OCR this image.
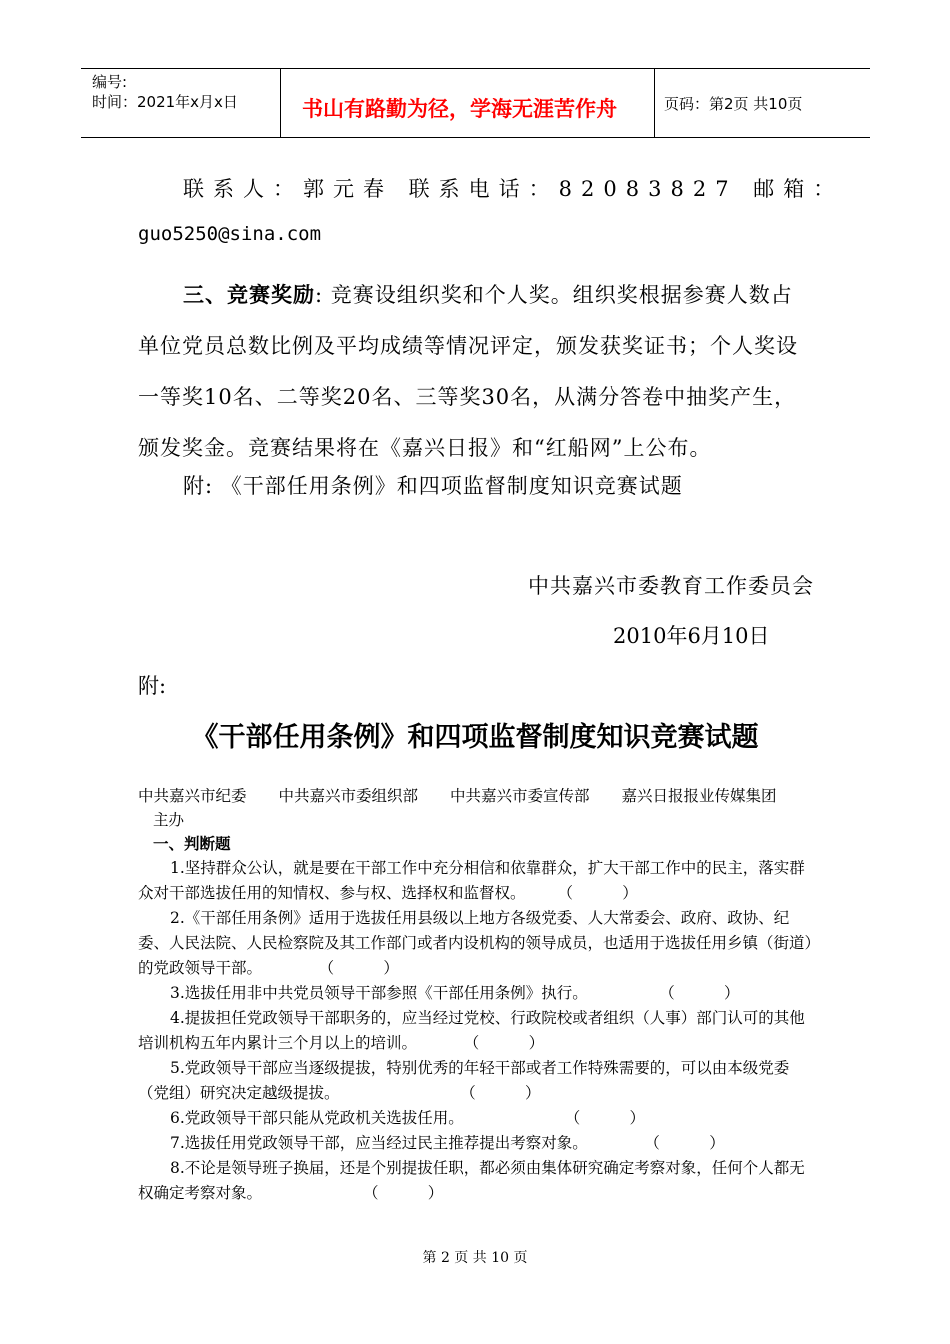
编号:
时间：2021年x月x日	书山有路勤为径，学海无涯苦作舟	页码：第2页 共10页
联系人：郭元春 联系电话：82083827 邮箱：
guo5250@sina.com
三、竞赛奖励: 竞赛设组织奖和个人奖。组织奖根据参赛人数占单位党员总数比例及平均成绩等情况评定，颁发获奖证书；个人奖设一等奖10名、二等奖20名、三等奖30名，从满分答卷中抽奖产生，颁发奖金。竞赛结果将在《嘉兴日报》和“红船网”上公布。
附: 《干部任用条例》和四项监督制度知识竞赛试题
中共嘉兴市委教育工作委员会
2010年6月10日
附:
《干部任用条例》和四项监督制度知识竞赛试题
中共嘉兴市纪委 中共嘉兴市委组织部 中共嘉兴市委宣传部 嘉兴日报报业传媒集团
主办
一、判断题
1.坚持群众公认，就是要在干部工作中充分相信和依靠群众，扩大干部工作中的民主，落实群众对干部选拔任用的知情权、参与权、选择权和监督权。 （          ）
2.《干部任用条例》适用于选拔任用县级以上地方各级党委、人大常委会、政府、政协、纪委、人民法院、人民检察院及其工作部门或者内设机构的领导成员，也适用于选拔任用乡镇（街道）的党政领导干部。     （          ）
3.选拔任用非中共党员领导干部参照《干部任用条例》执行。        （          ）
4.提拔担任党政领导干部职务的，应当经过党校、行政院校或者组织（人事）部门认可的其他培训机构五年内累计三个月以上的培训。   （          ）
5.党政领导干部应当逐级提拔，特别优秀的年轻干部或者工作特殊需要的，可以由本级党委（党组）研究决定越级提拔。                  （          ）
6.党政领导干部只能从党政机关选拔任用。              （          ）
7.选拔任用党政领导干部，应当经过民主推荐提出考察对象。     （          ）
8.不论是领导班子换届，还是个别提拔任职，都必须由集体研究确定考察对象，任何个人都无权确定考察对象。              （          ）
第 2 页 共 10 页
